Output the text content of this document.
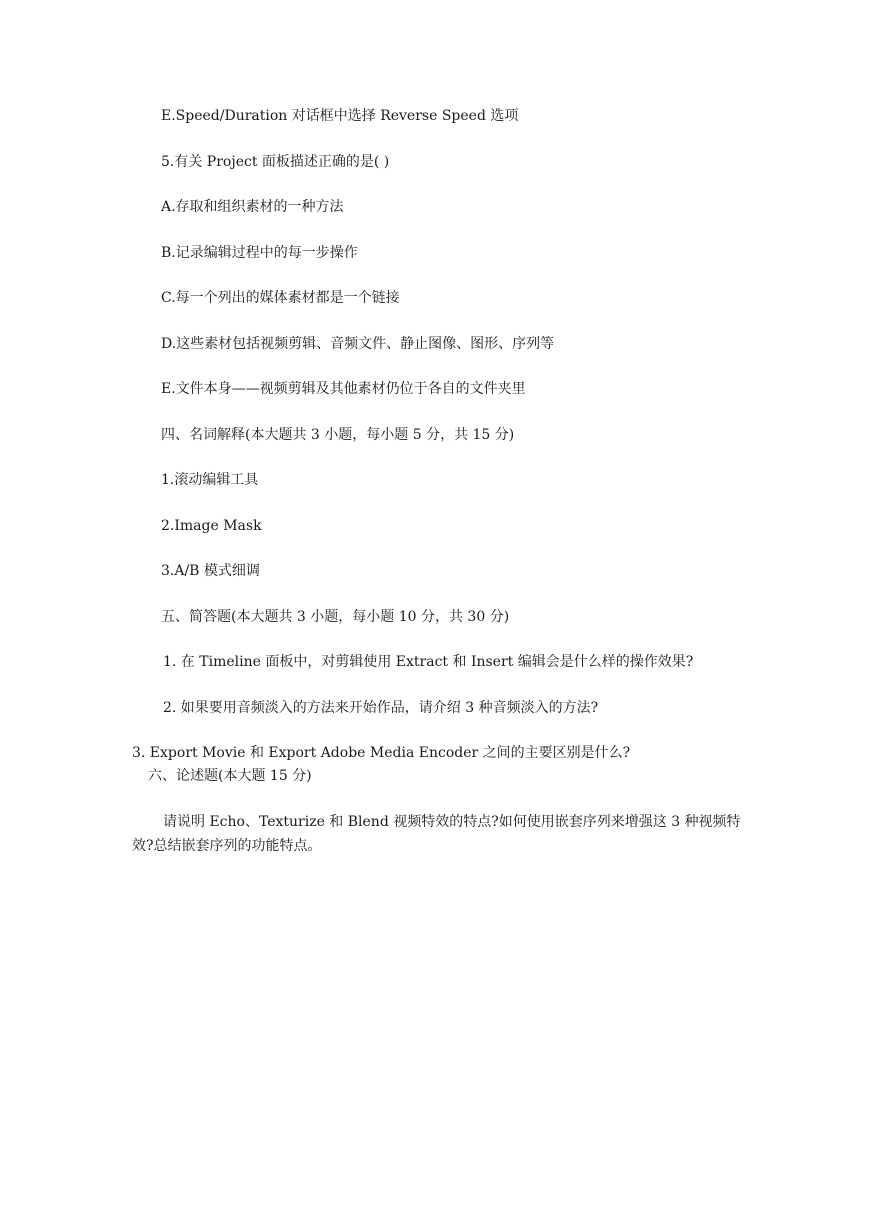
E.Speed/Duration 对话框中选择 Reverse Speed 选项
5.有关 Project 面板描述正确的是( )
A.存取和组织素材的一种方法
B.记录编辑过程中的每一步操作
C.每一个列出的媒体素材都是一个链接
D.这些素材包括视频剪辑、音频文件、静止图像、图形、序列等
E.文件本身——视频剪辑及其他素材仍位于各自的文件夹里
四、名词解释(本大题共 3 小题，每小题 5 分，共 15 分)
1.滚动编辑工具
2.Image Mask
3.A/B 模式细调
五、简答题(本大题共 3 小题，每小题 10 分，共 30 分)
1. 在 Timeline 面板中，对剪辑使用 Extract 和 Insert 编辑会是什么样的操作效果?
2. 如果要用音频淡入的方法来开始作品，请介绍 3 种音频淡入的方法?
3. Export Movie 和 Export Adobe Media Encoder 之间的主要区别是什么?
六、论述题(本大题 15 分)
请说明 Echo、Texturize 和 Blend 视频特效的特点?如何使用嵌套序列来增强这 3 种视频特效?总结嵌套序列的功能特点。
